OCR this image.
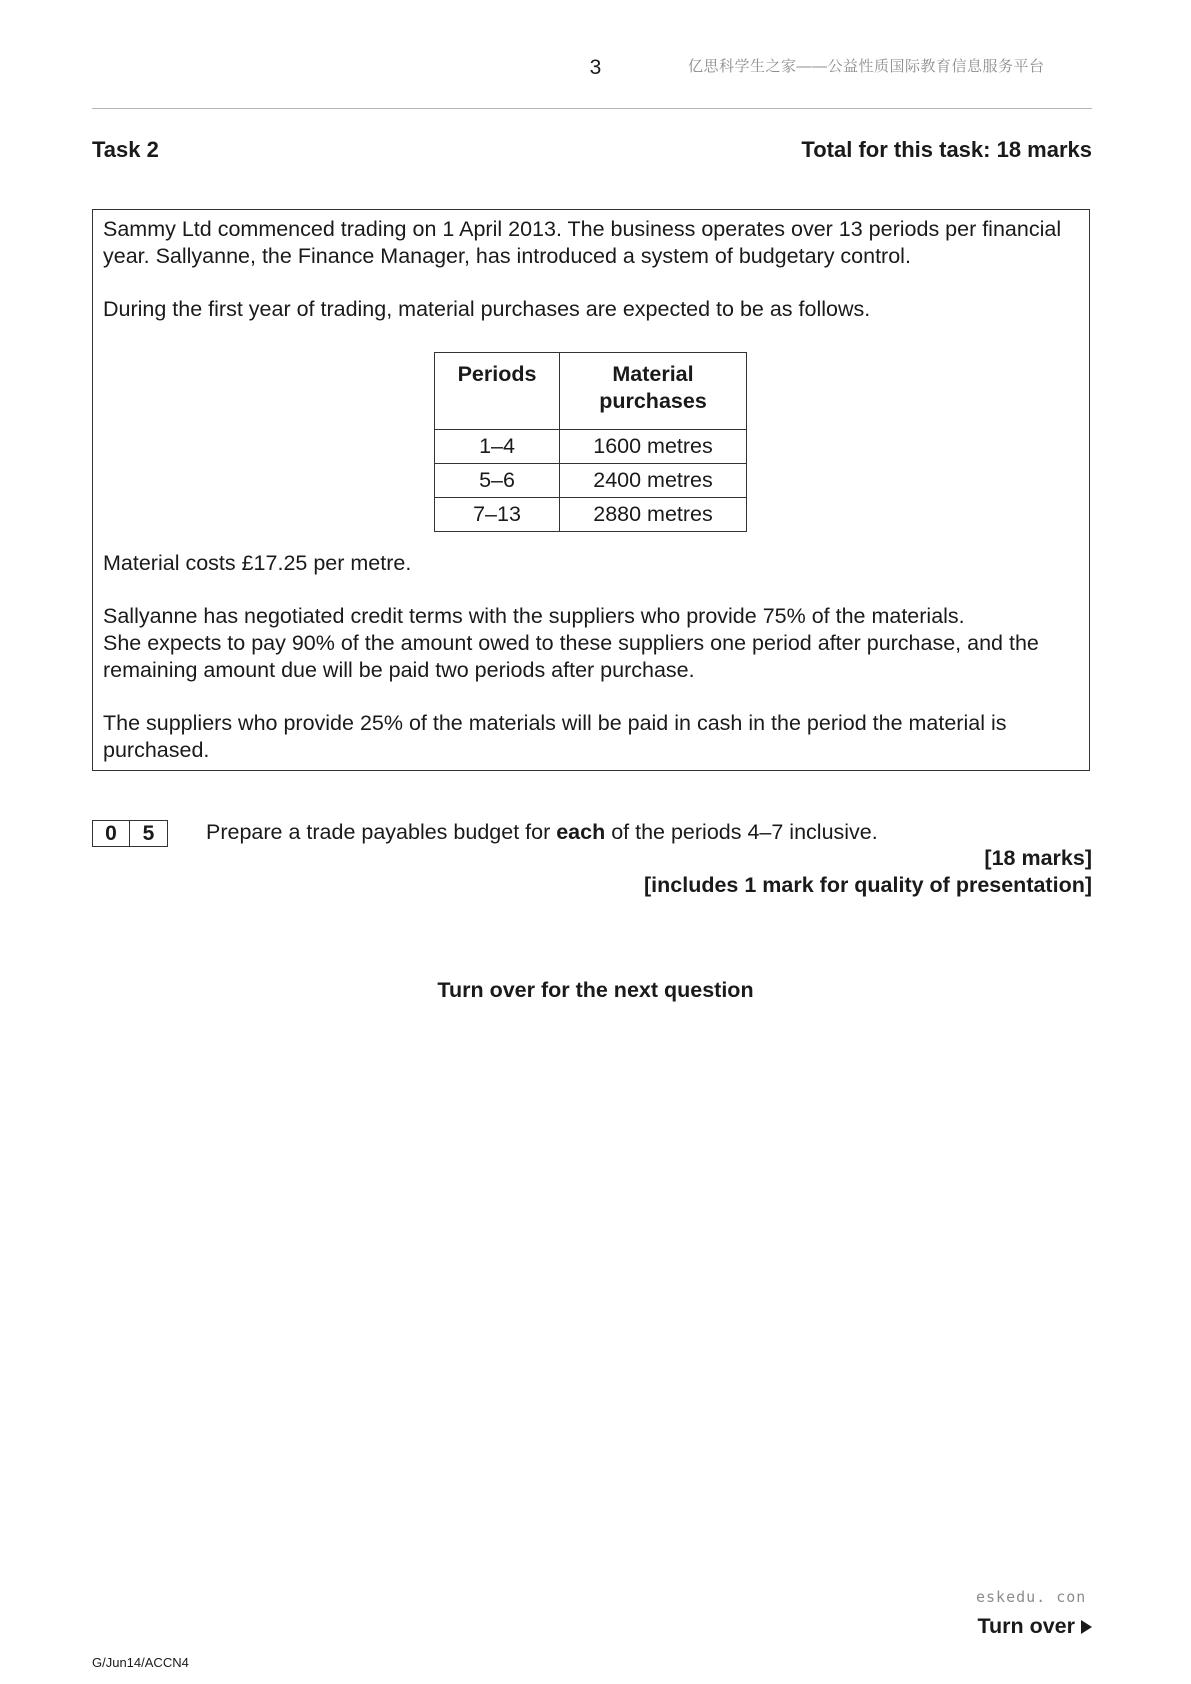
3	亿思科学生之家——公益性质国际教育信息服务平台
Task 2	Total for this task: 18 marks
Sammy Ltd commenced trading on 1 April 2013. The business operates over 13 periods per financial year. Sallyanne, the Finance Manager, has introduced a system of budgetary control.
During the first year of trading, material purchases are expected to be as follows.
Periods	Material purchases
1–4	1600 metres
5–6	2400 metres
7–13	2880 metres
Material costs £17.25 per metre.
Sallyanne has negotiated credit terms with the suppliers who provide 75% of the materials.
She expects to pay 90% of the amount owed to these suppliers one period after purchase, and the remaining amount due will be paid two periods after purchase.
The suppliers who provide 25% of the materials will be paid in cash in the period the material is purchased.
0	5	Prepare a trade payables budget for each of the periods 4–7 inclusive.
[18 marks]
[includes 1 mark for quality of presentation]
Turn over for the next question
eskedu. con
Turn over
G/Jun14/ACCN4
